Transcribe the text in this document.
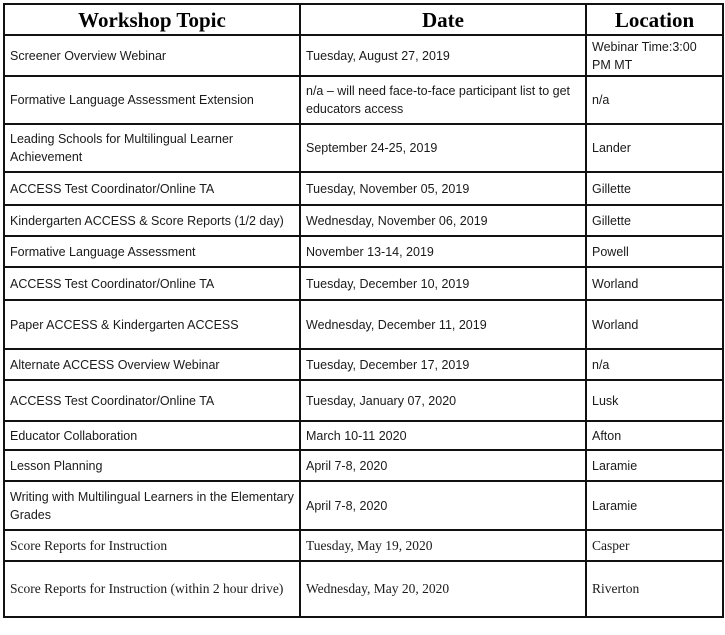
Workshop Topic	Date	Location
Screener Overview Webinar	Tuesday, August 27, 2019	Webinar Time:3:00 PM MT
Formative Language Assessment Extension	n/a – will need face-to-face participant list to get educators access	n/a
Leading Schools for Multilingual Learner Achievement	September 24-25, 2019	Lander
ACCESS Test Coordinator/Online TA	Tuesday, November 05, 2019	Gillette
Kindergarten ACCESS & Score Reports (1/2 day)	Wednesday, November 06, 2019	Gillette
Formative Language Assessment	November 13-14, 2019	Powell
ACCESS Test Coordinator/Online TA	Tuesday, December 10, 2019	Worland
Paper ACCESS & Kindergarten ACCESS	Wednesday, December 11, 2019	Worland
Alternate ACCESS Overview Webinar	Tuesday, December 17, 2019	n/a
ACCESS Test Coordinator/Online TA	Tuesday, January 07, 2020	Lusk
Educator Collaboration	March 10-11 2020	Afton
Lesson Planning	April 7-8, 2020	Laramie
Writing with Multilingual Learners in the Elementary Grades	April 7-8, 2020	Laramie
Score Reports for Instruction	Tuesday, May 19, 2020	Casper
Score Reports for Instruction (within 2 hour drive)	Wednesday, May 20, 2020	Riverton
